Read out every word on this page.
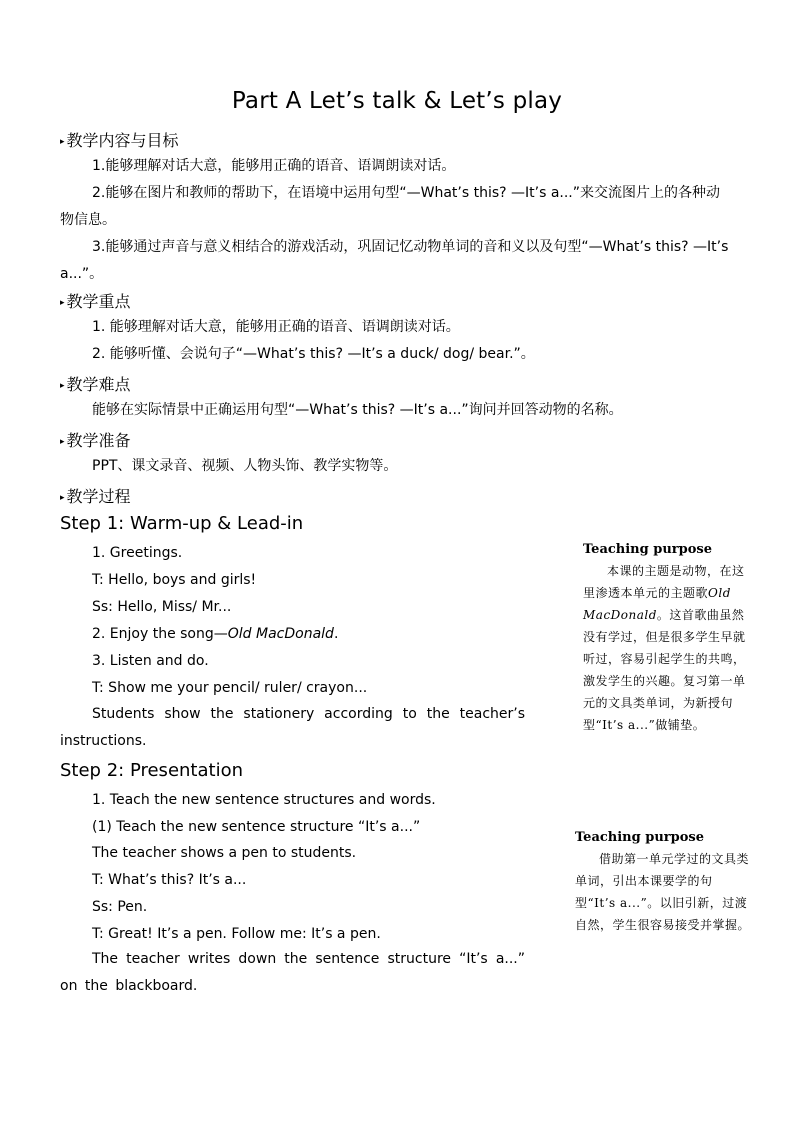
Part A Let’s talk & Let’s play
▸ 教学内容与目标
1.能够理解对话大意，能够用正确的语音、语调朗读对话。
2.能够在图片和教师的帮助下，在语境中运用句型“—What’s this? —It’s a...”来交流图片上的各种动物信息。
3.能够通过声音与意义相结合的游戏活动，巩固记忆动物单词的音和义以及句型“—What’s this? —It’s a...”。
▸ 教学重点
1. 能够理解对话大意，能够用正确的语音、语调朗读对话。
2. 能够听懂、会说句子“—What’s this? —It’s a duck/ dog/ bear.”。
▸ 教学难点
能够在实际情景中正确运用句型“—What’s this? —It’s a...”询问并回答动物的名称。
▸ 教学准备
PPT、课文录音、视频、人物头饰、教学实物等。
▸ 教学过程
Step 1: Warm-up & Lead-in
1. Greetings.
T: Hello, boys and girls!
Ss: Hello, Miss/ Mr...
2. Enjoy the song—Old MacDonald.
3. Listen and do.
T: Show me your pencil/ ruler/ crayon...
Students show the stationery according to the teacher’s instructions.
Step 2: Presentation
1. Teach the new sentence structures and words.
(1) Teach the new sentence structure “It’s a...”
The teacher shows a pen to students.
T: What’s this? It’s a...
Ss: Pen.
T: Great! It’s a pen. Follow me: It’s a pen.
The teacher writes down the sentence structure “It’s a...” on the blackboard.
Teaching purpose
本课的主题是动物，在这里渗透本单元的主题歌Old MacDonald。这首歌曲虽然没有学过，但是很多学生早就听过，容易引起学生的共鸣，激发学生的兴趣。复习第一单元的文具类单词，为新授句型“It’s a...”做铺垫。
Teaching purpose
借助第一单元学过的文具类单词，引出本课要学的句型“It’s a...”。以旧引新，过渡自然，学生很容易接受并掌握。
